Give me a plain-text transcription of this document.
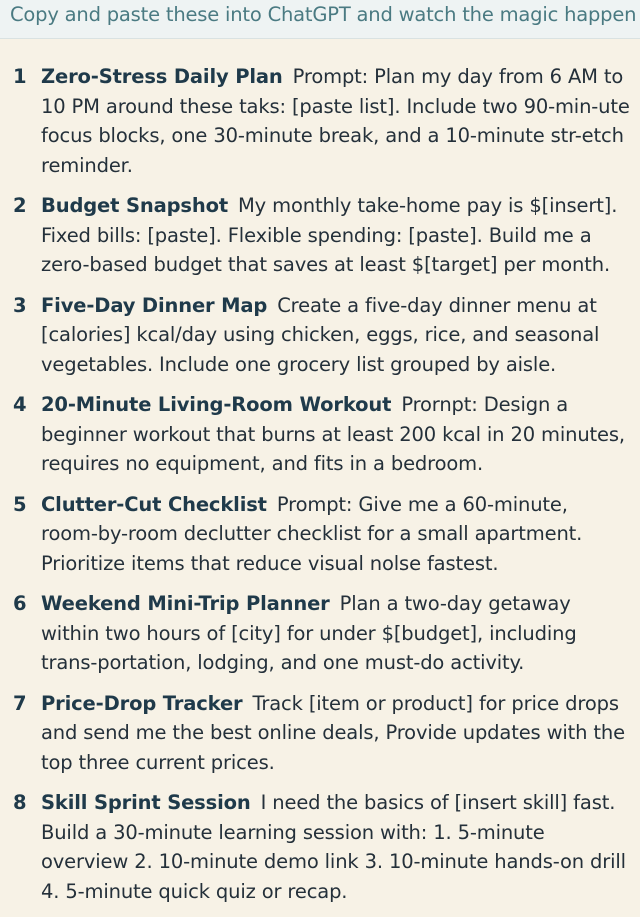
Copy and paste these into ChatGPT and watch the magic happen
1 Zero-Stress Daily Plan Prompt: Plan my day from 6 AM to 10 PM around these taks: [paste list]. Include two 90-min-ute focus blocks, one 30-minute break, and a 10-minute str-etch reminder.
2 Budget Snapshot My monthly take-home pay is $[insert]. Fixed bills: [paste]. Flexible spending: [paste]. Build me a zero-based budget that saves at least $[target] per month.
3 Five-Day Dinner Map Create a five-day dinner menu at [calories] kcal/day using chicken, eggs, rice, and seasonal vegetables. Include one grocery list grouped by aisle.
4 20-Minute Living-Room Workout Prornpt: Design a beginner workout that burns at least 200 kcal in 20 minutes, requires no equipment, and fits in a bedroom.
5 Clutter-Cut Checklist Prompt: Give me a 60-minute, room-by-room declutter checklist for a small apartment. Prioritize items that reduce visual nolse fastest.
6 Weekend Mini-Trip Planner Plan a two-day getaway within two hours of [city] for under $[budget], including trans-portation, lodging, and one must-do activity.
7 Price-Drop Tracker Track [item or product] for price drops and send me the best online deals, Provide updates with the top three current prices.
8 Skill Sprint Session I need the basics of [insert skill] fast. Build a 30-minute learning session with: 1. 5-minute overview 2. 10-minute demo link 3. 10-minute hands-on drill 4. 5-minute quick quiz or recap.
